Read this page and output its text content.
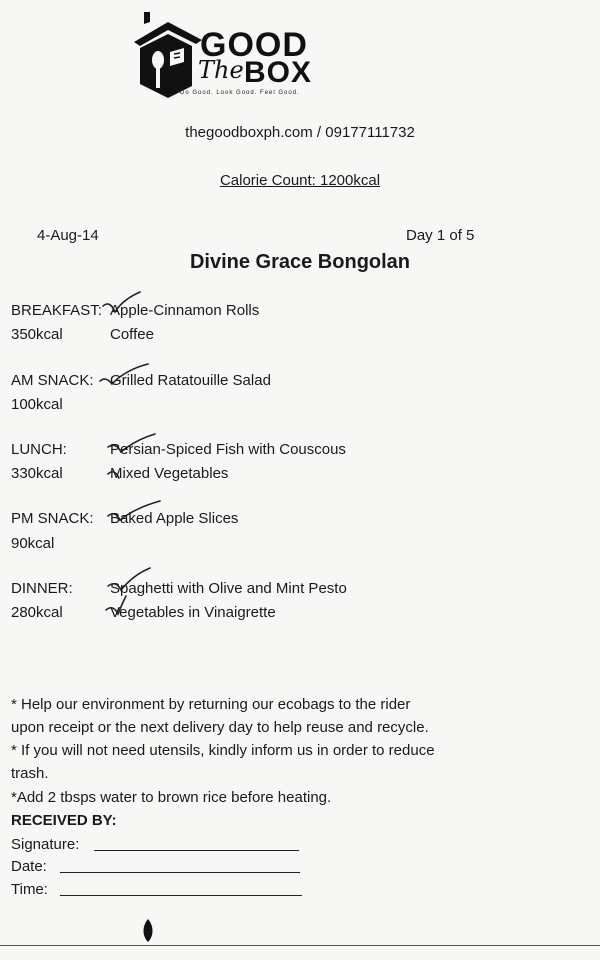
GOOD
The BOX
Do Good. Look Good. Feel Good.
thegoodboxph.com / 09177111732
Calorie Count: 1200kcal
4-Aug-14	Day 1 of 5
Divine Grace Bongolan
BREAKFAST: Apple-Cinnamon Rolls
350kcal	Coffee
AM SNACK: Grilled Ratatouille Salad
100kcal
LUNCH:	Persian-Spiced Fish with Couscous
330kcal	Mixed Vegetables
PM SNACK: Baked Apple Slices
90kcal
DINNER: Spaghetti with Olive and Mint Pesto
280kcal	Vegetables in Vinaigrette
* Help our environment by returning our ecobags to the rider
upon receipt or the next delivery day to help reuse and recycle.
* If you will not need utensils, kindly inform us in order to reduce
trash.
*Add 2 tbsps water to brown rice before heating.
RECEIVED BY:
Signature:
Date:
Time:
